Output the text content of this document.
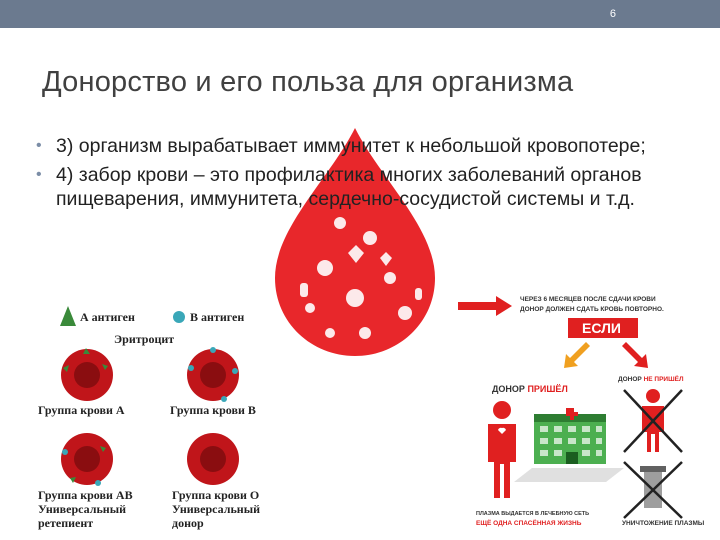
6
Донорство и его польза для организма
• 3) организм вырабатывает иммунитет к небольшой кровопотере;
• 4) забор крови – это профилактика многих заболеваний органов пищеварения, иммунитета, сердечно-сосудистой системы и т.д.
А антиген	В антиген
Эритроцит
Группа крови А	Группа крови В
Группа крови АВ
Универсальный
ретепиент
Группа крови О
Универсальный
донор
ЧЕРЕЗ 6 МЕСЯЦЕВ ПОСЛЕ СДАЧИ КРОВИ
ДОНОР ДОЛЖЕН СДАТЬ КРОВЬ ПОВТОРНО.
ЕСЛИ
ДОНОР ПРИШЁЛ
ДОНОР НЕ ПРИШЁЛ
ПЛАЗМА ВЫДАЕТСЯ В ЛЕЧЕБНУЮ СЕТЬ
ЕЩЁ ОДНА СПАСЁННАЯ ЖИЗНЬ	УНИЧТОЖЕНИЕ ПЛАЗМЫ
